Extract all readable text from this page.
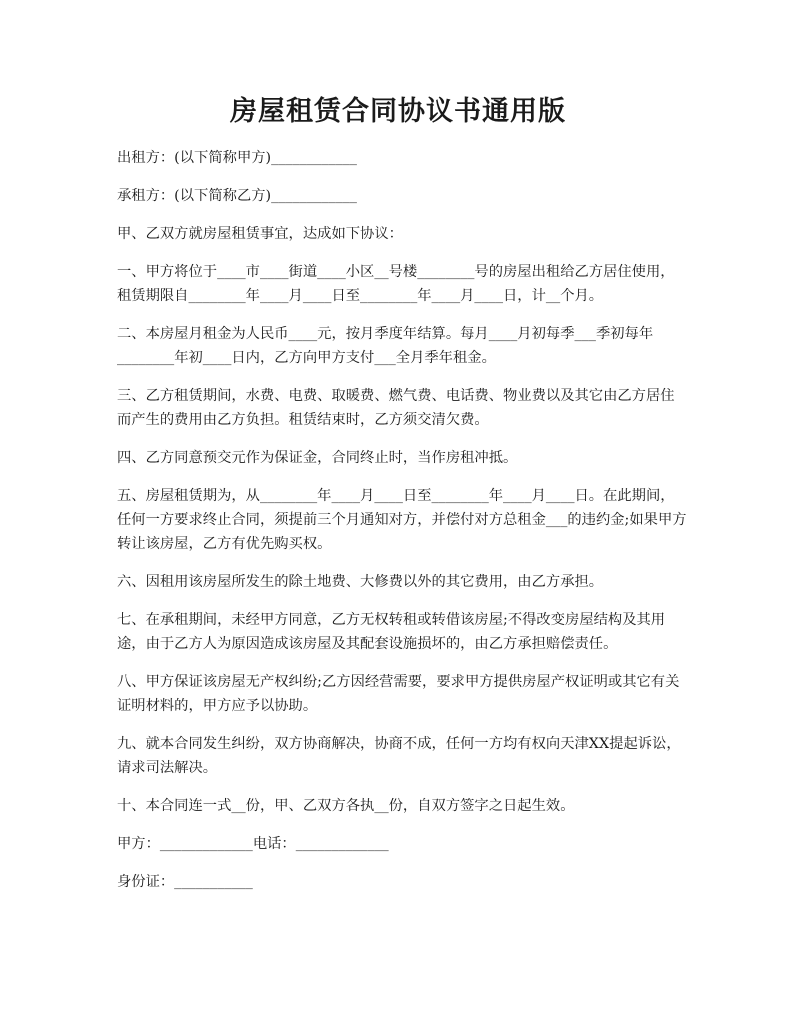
房屋租赁合同协议书通用版

出租方：(以下简称甲方)____________

承租方：(以下简称乙方)____________

甲、乙双方就房屋租赁事宜，达成如下协议：

一、甲方将位于____市____街道____小区__号楼________号的房屋出租给乙方居住使用，租赁期限自________年____月____日至________年____月____日，计__个月。

二、本房屋月租金为人民币____元，按月季度年结算。每月____月初每季___季初每年________年初____日内，乙方向甲方支付___全月季年租金。

三、乙方租赁期间，水费、电费、取暖费、燃气费、电话费、物业费以及其它由乙方居住而产生的费用由乙方负担。租赁结束时，乙方须交清欠费。

四、乙方同意预交元作为保证金，合同终止时，当作房租冲抵。

五、房屋租赁期为，从________年____月____日至________年____月____日。在此期间，任何一方要求终止合同，须提前三个月通知对方，并偿付对方总租金___的违约金;如果甲方转让该房屋，乙方有优先购买权。

六、因租用该房屋所发生的除土地费、大修费以外的其它费用，由乙方承担。

七、在承租期间，未经甲方同意，乙方无权转租或转借该房屋;不得改变房屋结构及其用途，由于乙方人为原因造成该房屋及其配套设施损坏的，由乙方承担赔偿责任。

八、甲方保证该房屋无产权纠纷;乙方因经营需要，要求甲方提供房屋产权证明或其它有关证明材料的，甲方应予以协助。

九、就本合同发生纠纷，双方协商解决，协商不成，任何一方均有权向天津XX提起诉讼，请求司法解决。

十、本合同连一式__份，甲、乙双方各执__份，自双方签字之日起生效。

甲方：_____________电话：_____________

身份证：___________
